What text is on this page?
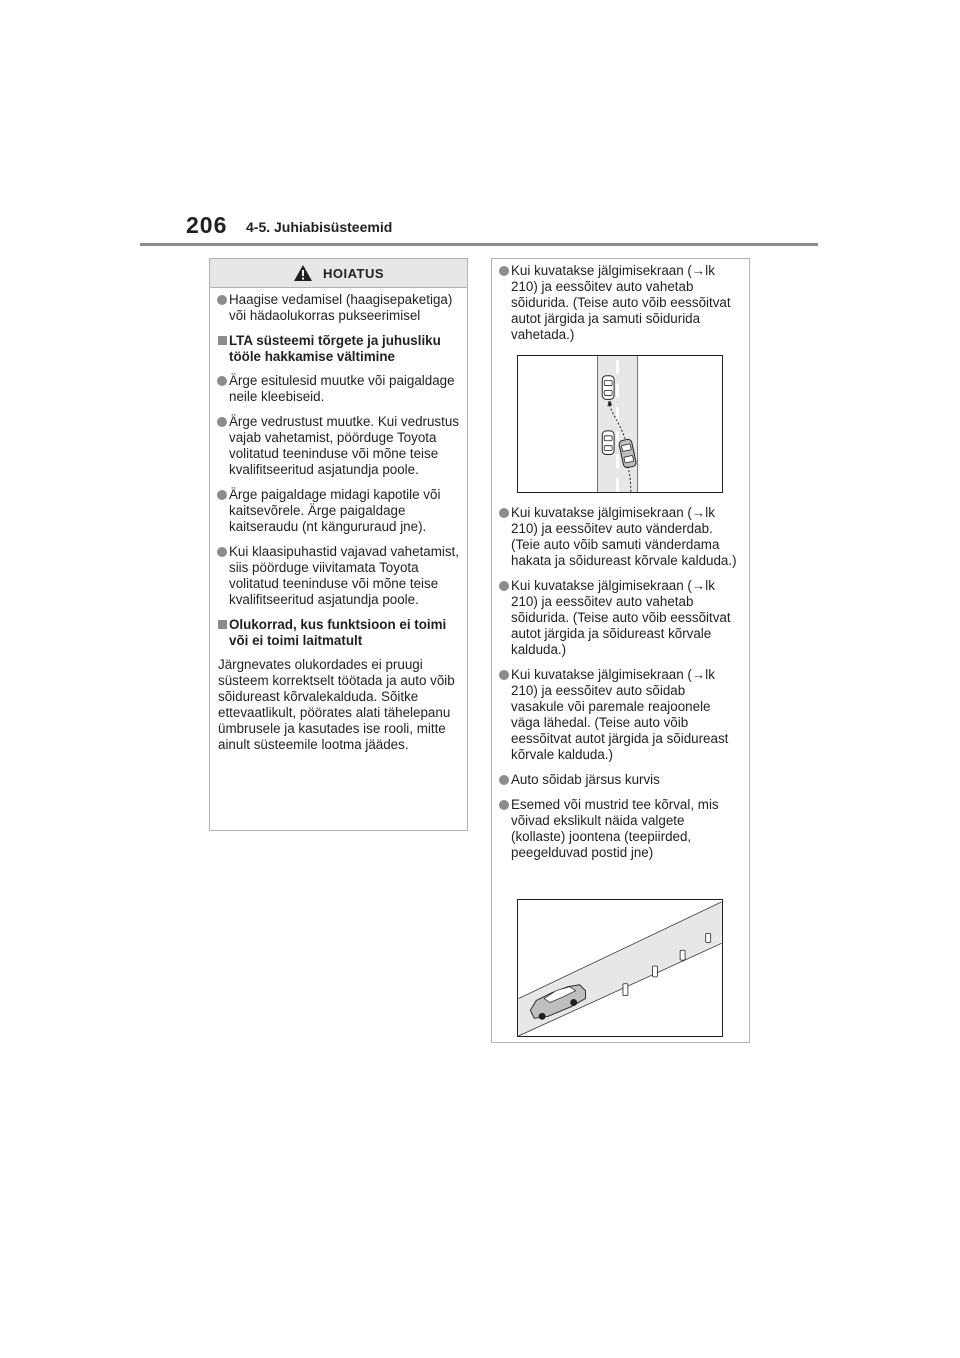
206 4-5. Juhiabisüsteemid
HOIATUS
Haagise vedamisel (haagisepaketiga) või hädaolukorras pukseerimisel
LTA süsteemi tõrgete ja juhusliku tööle hakkamise vältimine
Ärge esitulesid muutke või paigaldage neile kleebiseid.
Ärge vedrustust muutke. Kui vedrustus vajab vahetamist, pöörduge Toyota volitatud teeninduse või mõne teise kvalifitseeritud asjatundja poole.
Ärge paigaldage midagi kapotile või kaitsevõrele. Ärge paigaldage kaitseraudu (nt kängururaud jne).
Kui klaasipuhastid vajavad vahetamist, siis pöörduge viivitamata Toyota volitatud teeninduse või mõne teise kvalifitseeritud asjatundja poole.
Olukorrad, kus funktsioon ei toimi või ei toimi laitmatult
Järgnevates olukordades ei pruugi süsteem korrektselt töötada ja auto võib sõidureast kõrvalekalduda. Sõitke ettevaatlikult, pöörates alati tähelepanu ümbrusele ja kasutades ise rooli, mitte ainult süsteemile lootma jäädes.
Kui kuvatakse jälgimisekraan (→lk 210) ja eessõitev auto vahetab sõidurida. (Teise auto võib eessõitvat autot järgida ja samuti sõidurida vahetada.)
Kui kuvatakse jälgimisekraan (→lk 210) ja eessõitev auto vänderdab. (Teie auto võib samuti vänderdama hakata ja sõidureast kõrvale kalduda.)
Kui kuvatakse jälgimisekraan (→lk 210) ja eessõitev auto vahetab sõidurida. (Teise auto võib eessõitvat autot järgida ja sõidureast kõrvale kalduda.)
Kui kuvatakse jälgimisekraan (→lk 210) ja eessõitev auto sõidab vasakule või paremale reajoonele väga lähedal. (Teise auto võib eessõitvat autot järgida ja sõidureast kõrvale kalduda.)
Auto sõidab järsus kurvis
Esemed või mustrid tee kõrval, mis võivad ekslikult näida valgete (kollaste) joontena (teepiirded, peegelduvad postid jne)
